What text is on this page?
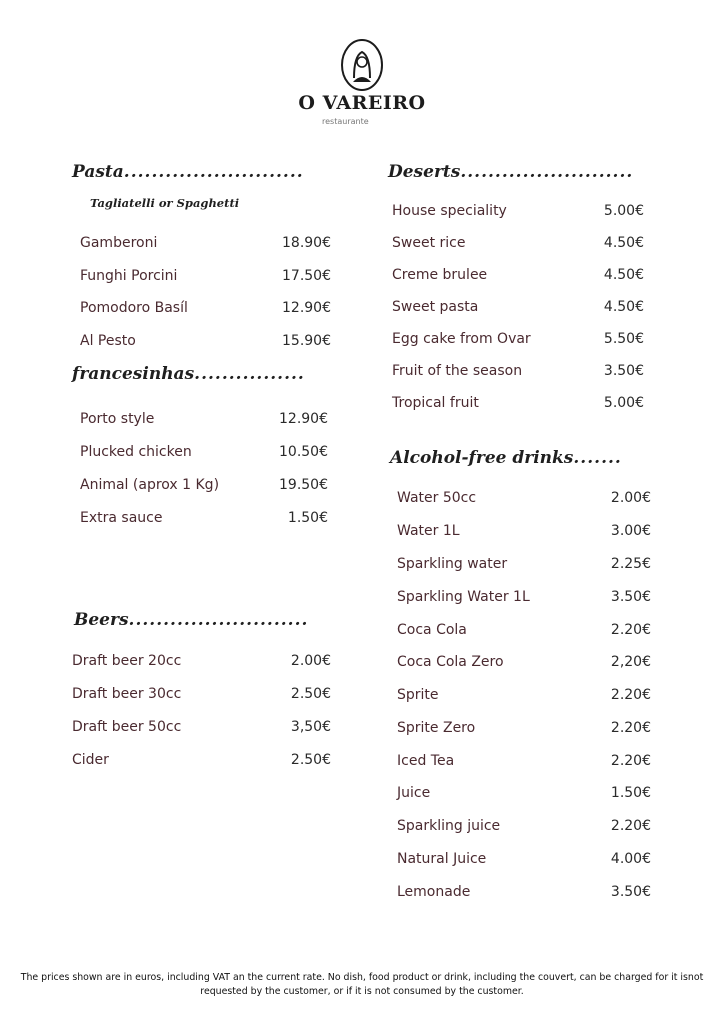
O VAREIRO
restaurante
Pasta..........................
Tagliatelli or Spaghetti
Gamberoni	18.90€
Funghi Porcini	17.50€
Pomodoro Basíl	12.90€
Al Pesto	15.90€
francesinhas................
Porto style	12.90€
Plucked chicken	10.50€
Animal (aprox 1 Kg)	19.50€
Extra sauce	1.50€
Beers..........................
Draft beer 20cc	2.00€
Draft beer 30cc	2.50€
Draft beer 50cc	3,50€
Cider	2.50€
Deserts.........................
House speciality	5.00€
Sweet rice	4.50€
Creme brulee	4.50€
Sweet pasta	4.50€
Egg cake from Ovar	5.50€
Fruit of the season	3.50€
Tropical fruit	5.00€
Alcohol-free drinks.......
Water 50cc	2.00€
Water 1L	3.00€
Sparkling water	2.25€
Sparkling Water 1L	3.50€
Coca Cola	2.20€
Coca Cola Zero	2,20€
Sprite	2.20€
Sprite Zero	2.20€
Iced Tea	2.20€
Juice	1.50€
Sparkling juice	2.20€
Natural Juice	4.00€
Lemonade	3.50€
The prices shown are in euros, including VAT an the current rate. No dish, food product or drink, including the couvert, can be charged for it isnot
requested by the customer, or if it is not consumed by the customer.
